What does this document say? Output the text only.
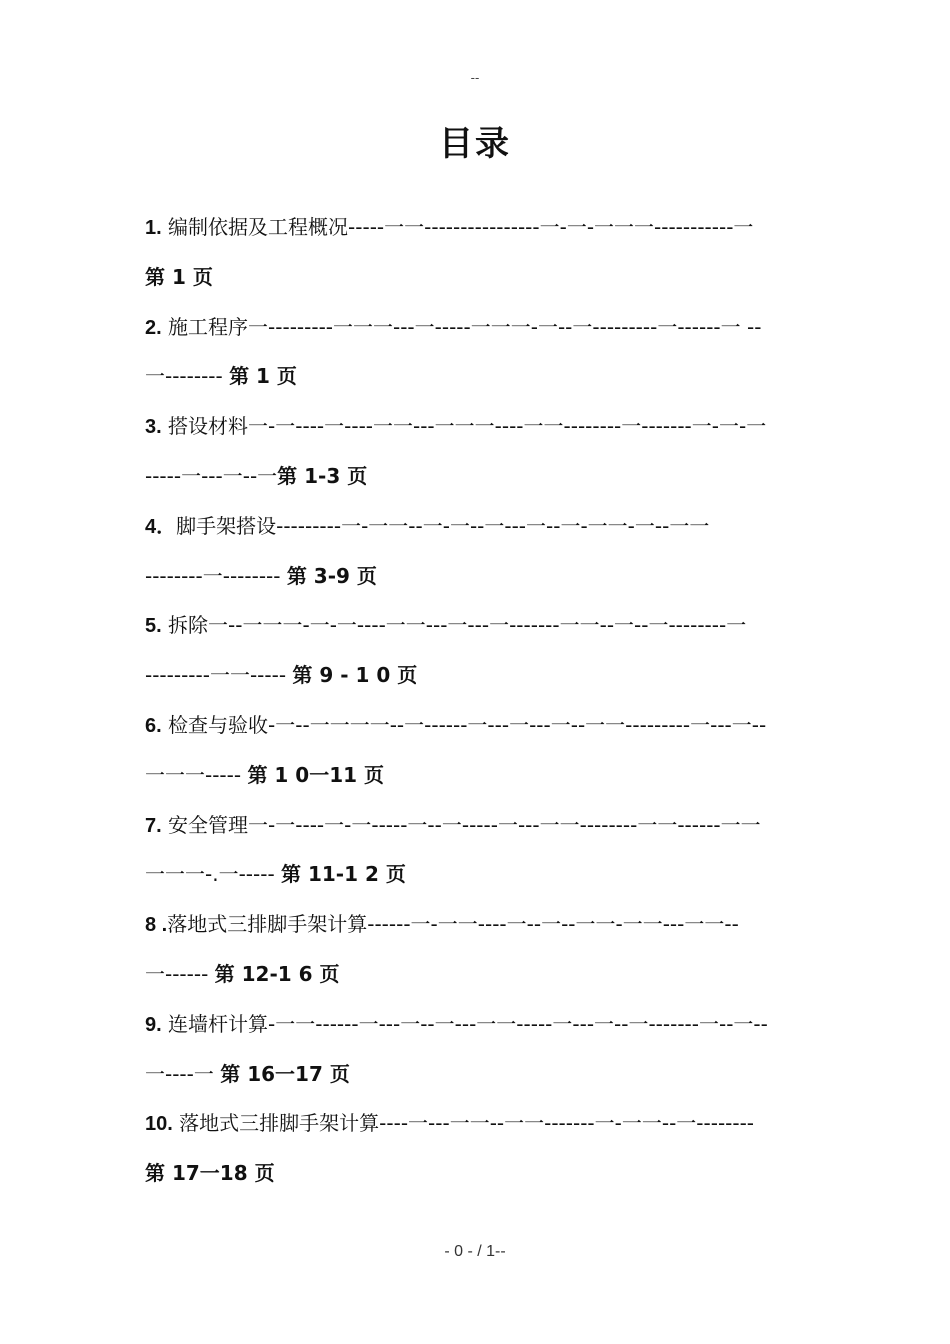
--
目录
1. 编制依据及工程概况-----一一----------------一-一-一一一-----------一
第 1 页
2. 施工程序一---------一一一---一-----一一一-一--一---------一------一 --
一-------- 第 1 页
3. 搭设材料一-一----一----一一---一一一----一一--------一-------一-一-一
-----一---一--一第 1-3 页
4．脚手架搭设---------一-一一--一-一--一---一--一-一一-一--一一
--------一-------- 第 3-9 页
5. 拆除一--一一一-一-一----一一---一---一-------一一--一--一--------一
---------一一----- 第 9 - 1 0 页
6. 检查与验收-一--一一一一--一------一---一---一--一一---------一---一--
一一一----- 第 1 0一11 页
7. 安全管理一-一----一-一-----一--一-----一---一一--------一一------一一
一一一-.一----- 第 11-1 2 页
8 .落地式三排脚手架计算------一-一一----一--一--一一-一一---一一--
一------ 第 12-1 6 页
9. 连墙杆计算-一一------一---一--一---一一-----一---一--一-------一--一--
一----一 第 16一17 页
10. 落地式三排脚手架计算----一---一一--一一-------一-一一--一--------
第 17一18 页
- 0 - / 1--
